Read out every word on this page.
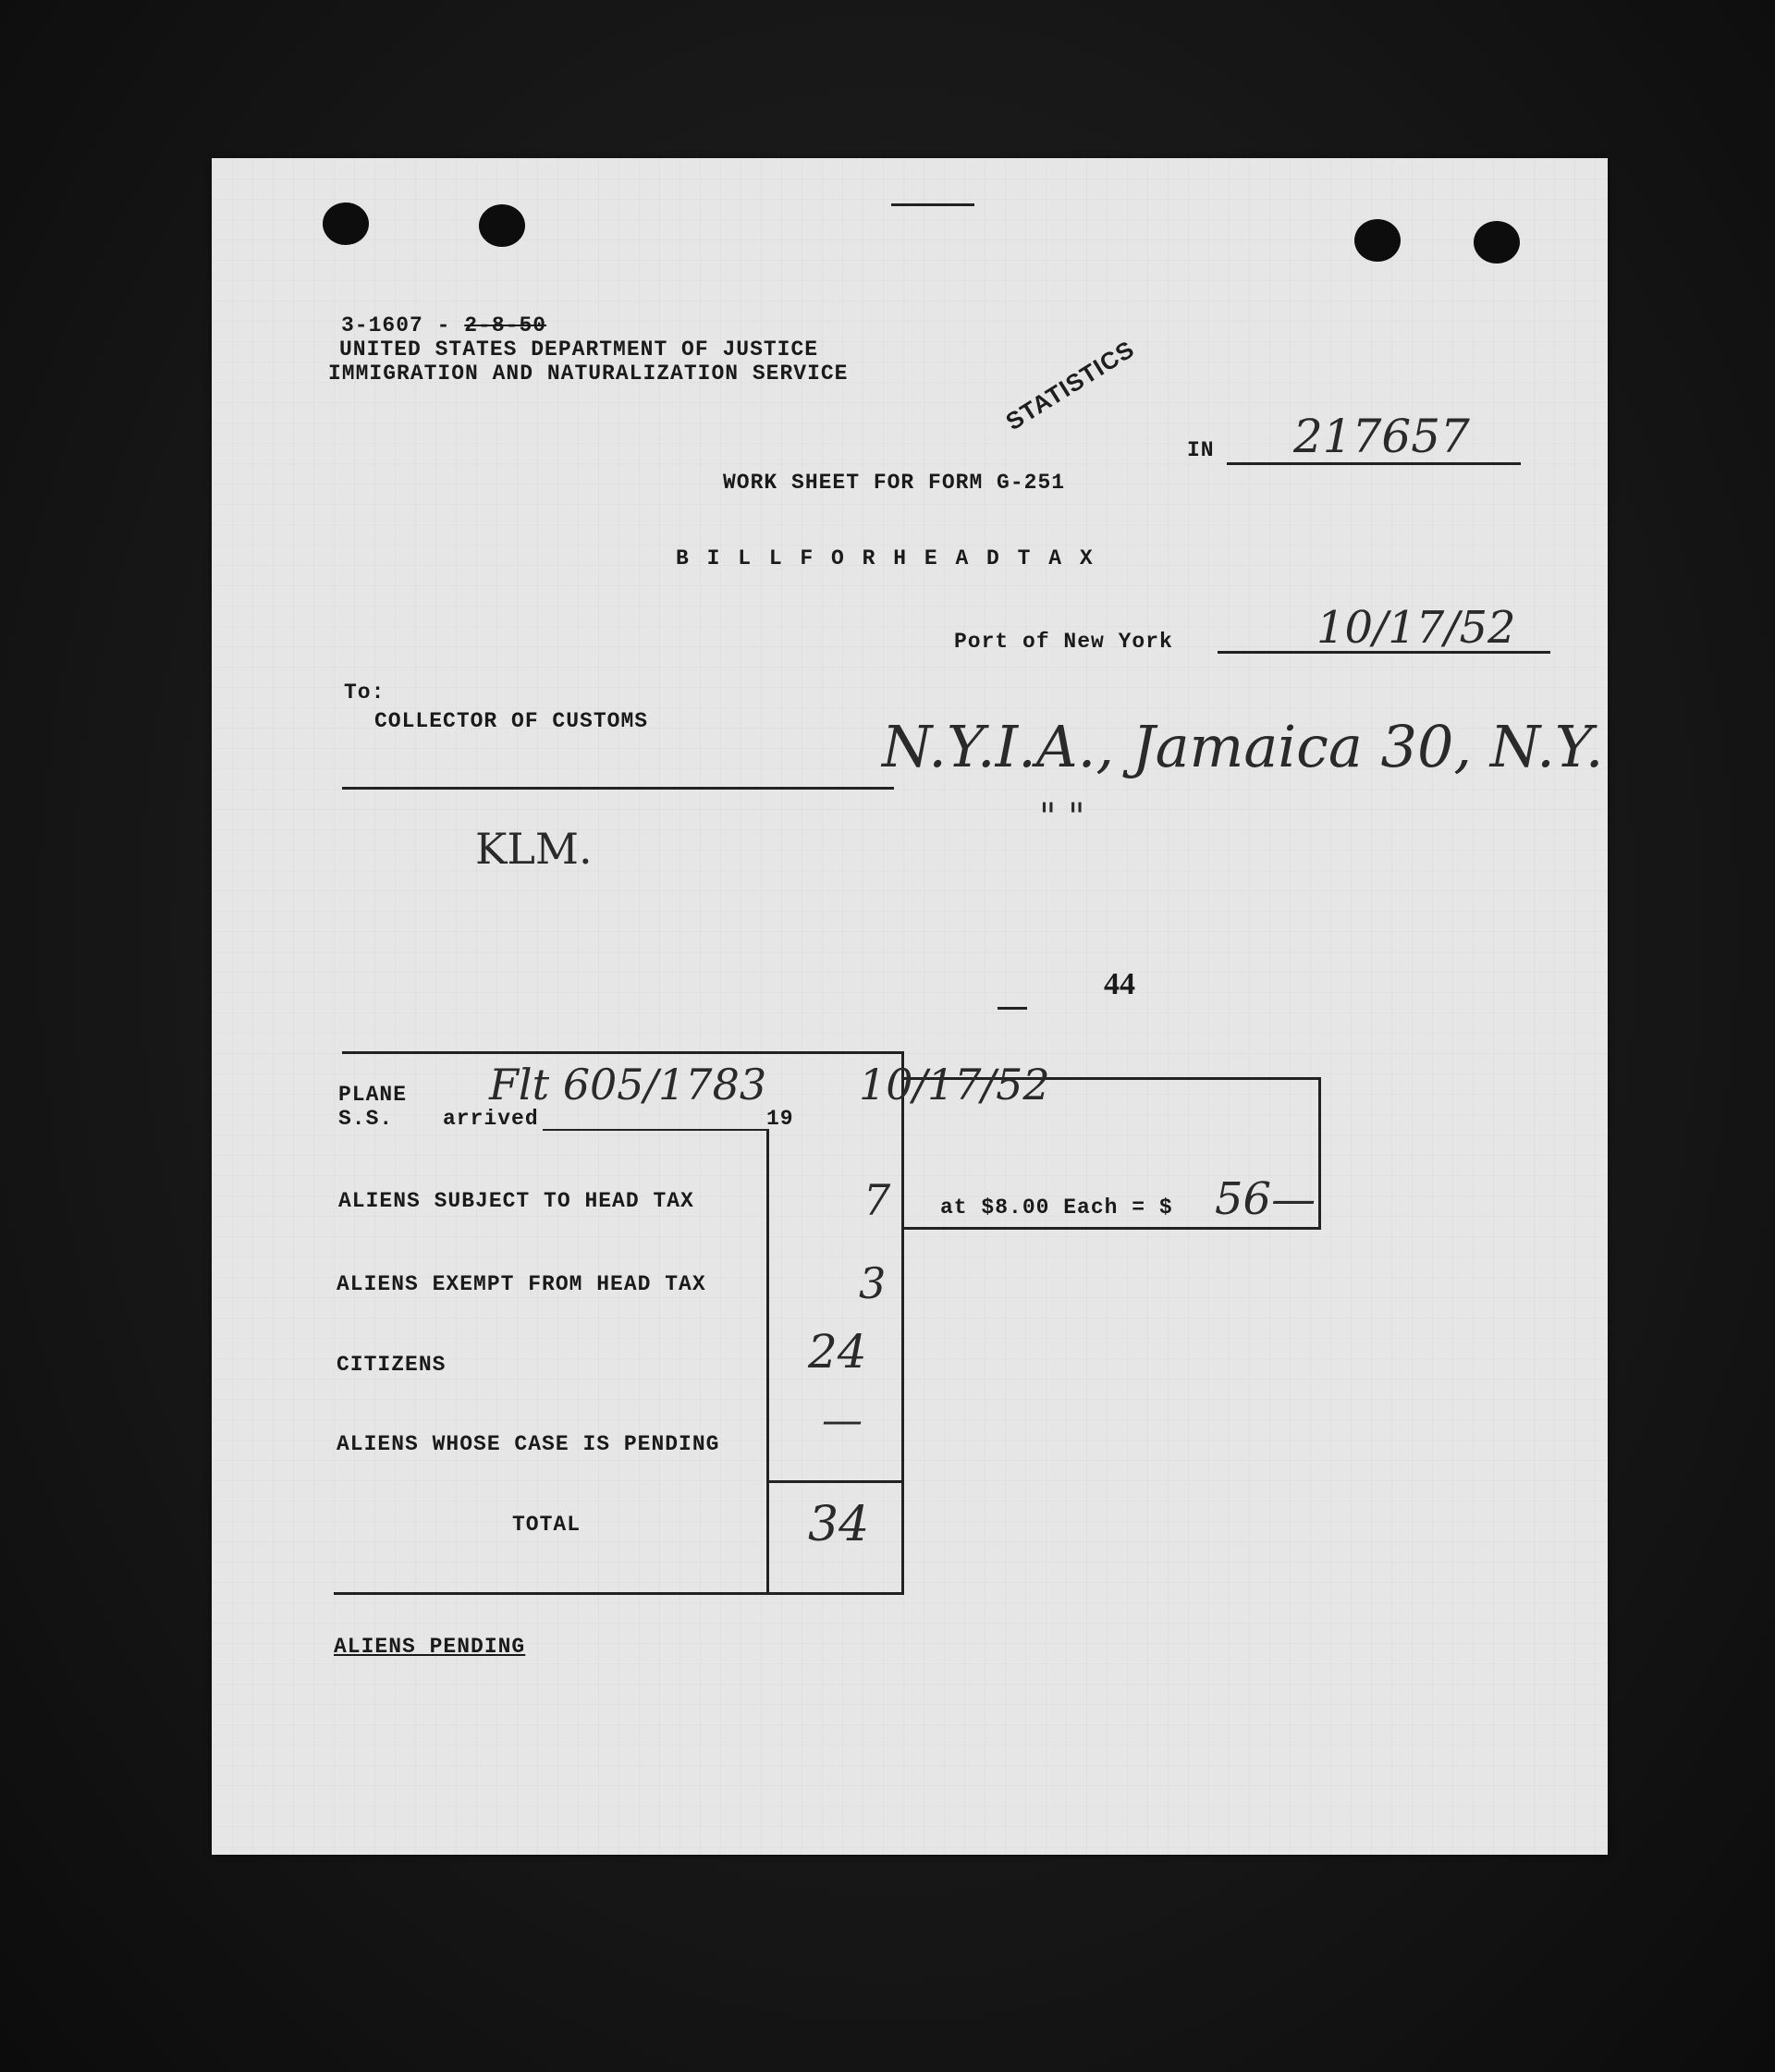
3-1607 - 2-8-50
UNITED STATES DEPARTMENT OF JUSTICE
IMMIGRATION AND NATURALIZATION SERVICE	STATISTICS
IN 217657
WORK SHEET FOR FORM G-251
B I L L F O R H E A D T A X
Port of New York	10/17/52
To:
COLLECTOR OF CUSTOMS	N.Y.I.A., Jamaica 30, N.Y.
" "
KLM.
44
PLANE
S.S. arrived	19
Flt 605/1783 10/17/52
ALIENS SUBJECT TO HEAD TAX	7
ALIENS EXEMPT FROM HEAD TAX	3
CITIZENS	24
ALIENS WHOSE CASE IS PENDING	—
TOTAL	34
at $8.00 Each = $ 56—
ALIENS PENDING
